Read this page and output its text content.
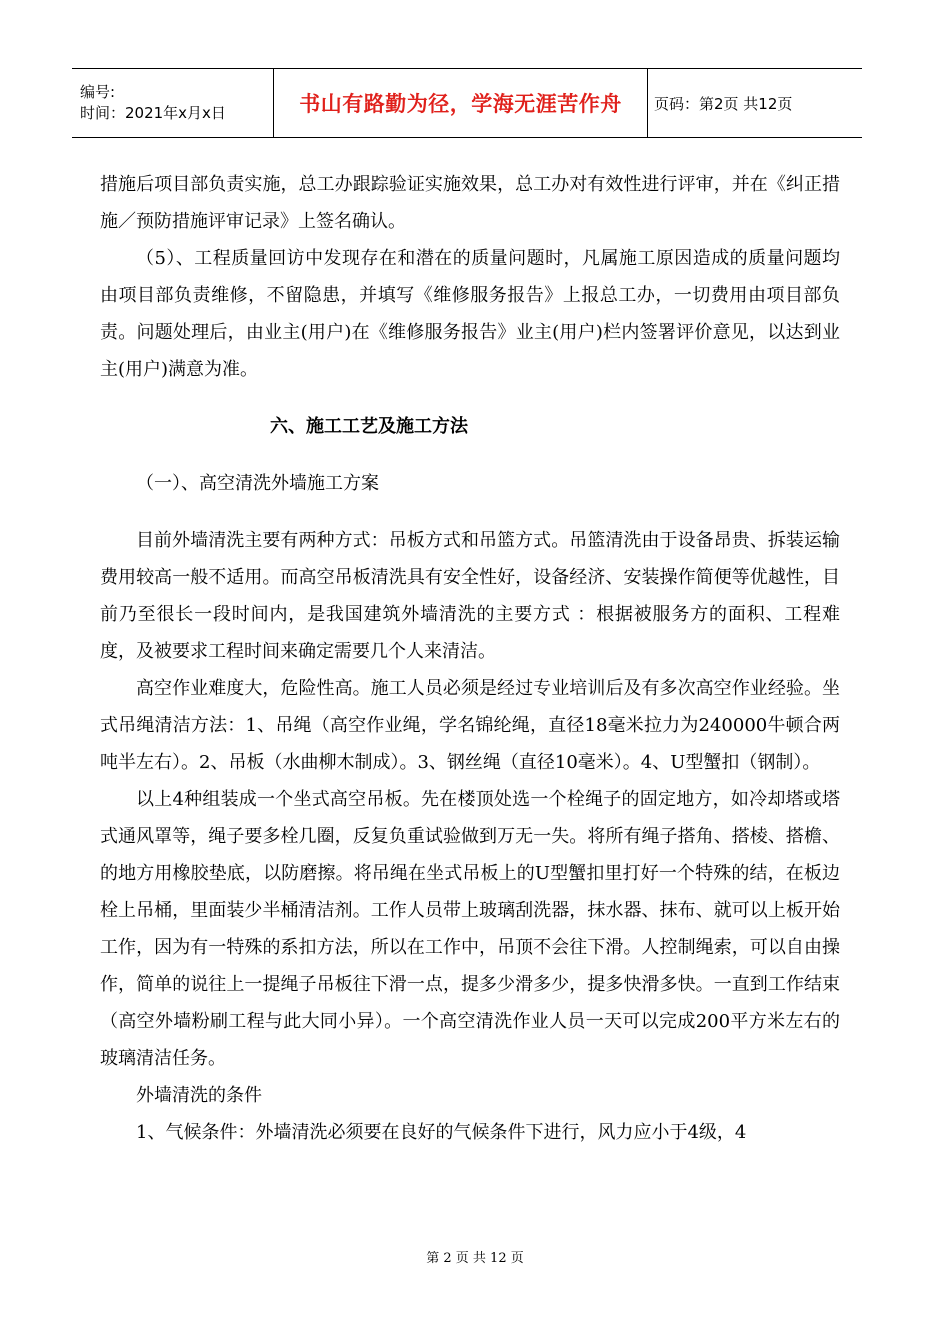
编号:
时间：2021年x月x日	书山有路勤为径，学海无涯苦作舟 页码：第2页 共12页

措施后项目部负责实施，总工办跟踪验证实施效果，总工办对有效性进行评审，并在《纠正措施／预防措施评审记录》上签名确认。

（5）、工程质量回访中发现存在和潜在的质量问题时，凡属施工原因造成的质量问题均由项目部负责维修，不留隐患，并填写《维修服务报告》上报总工办，一切费用由项目部负责。问题处理后，由业主(用户)在《维修服务报告》业主(用户)栏内签署评价意见，以达到业主(用户)满意为准。

六、施工工艺及施工方法

（一）、高空清洗外墙施工方案

目前外墙清洗主要有两种方式：吊板方式和吊篮方式。吊篮清洗由于设备昂贵、拆装运输费用较高一般不适用。而高空吊板清洗具有安全性好，设备经济、安装操作简便等优越性，目前乃至很长一段时间内，是我国建筑外墙清洗的主要方式 ：根据被服务方的面积、工程难度，及被要求工程时间来确定需要几个人来清洁。

高空作业难度大，危险性高。施工人员必须是经过专业培训后及有多次高空作业经验。坐式吊绳清洁方法：1、吊绳（高空作业绳，学名锦纶绳，直径18毫米拉力为240000牛顿合两吨半左右）。2、吊板（水曲柳木制成）。3、钢丝绳（直径10毫米）。4、U型蟹扣（钢制）。

以上4种组装成一个坐式高空吊板。先在楼顶处选一个栓绳子的固定地方，如冷却塔或塔式通风罩等，绳子要多栓几圈，反复负重试验做到万无一失。将所有绳子搭角、搭棱、搭檐、的地方用橡胶垫底，以防磨擦。将吊绳在坐式吊板上的U型蟹扣里打好一个特殊的结，在板边栓上吊桶，里面装少半桶清洁剂。工作人员带上玻璃刮洗器，抹水器、抹布、就可以上板开始工作，因为有一特殊的系扣方法，所以在工作中，吊顶不会往下滑。人控制绳索，可以自由操作，简单的说往上一提绳子吊板往下滑一点，提多少滑多少，提多快滑多快。一直到工作结束（高空外墙粉刷工程与此大同小异）。一个高空清洗作业人员一天可以完成200平方米左右的玻璃清洁任务。

外墙清洗的条件

1、气候条件：外墙清洗必须要在良好的气候条件下进行，风力应小于4级，4

第 2 页 共 12 页
